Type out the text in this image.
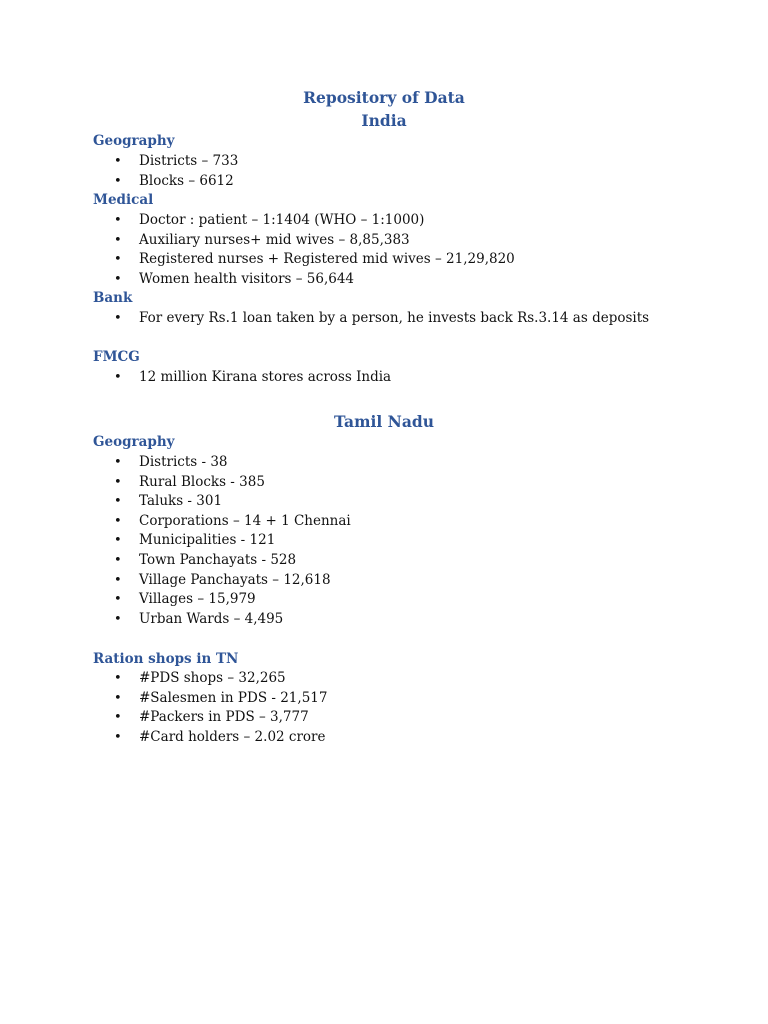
Repository of Data
India
Geography
• Districts – 733
• Blocks – 6612
Medical
• Doctor : patient – 1:1404 (WHO – 1:1000)
• Auxiliary nurses+ mid wives – 8,85,383
• Registered nurses + Registered mid wives – 21,29,820
• Women health visitors – 56,644
Bank
• For every Rs.1 loan taken by a person, he invests back Rs.3.14 as deposits
FMCG
• 12 million Kirana stores across India
Tamil Nadu
Geography
• Districts - 38
• Rural Blocks - 385
• Taluks - 301
• Corporations – 14 + 1 Chennai
• Municipalities - 121
• Town Panchayats - 528
• Village Panchayats – 12,618
• Villages – 15,979
• Urban Wards – 4,495
Ration shops in TN
• #PDS shops – 32,265
• #Salesmen in PDS - 21,517
• #Packers in PDS – 3,777
• #Card holders – 2.02 crore
